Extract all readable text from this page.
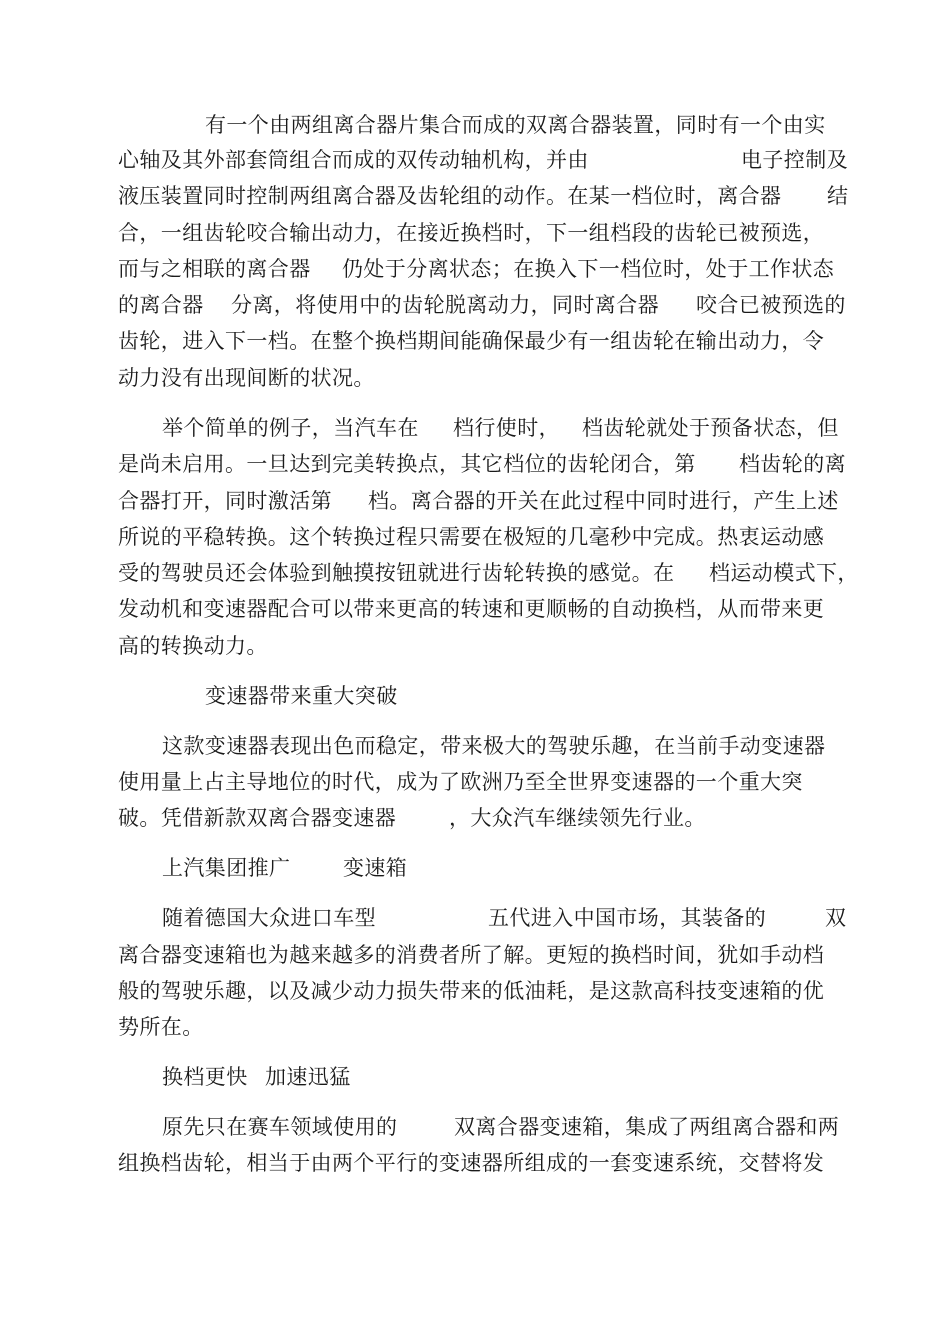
有一个由两组离合器片集合而成的双离合器装置，同时有一个由实
心轴及其外部套筒组合而成的双传动轴机构，并由	电子控制及
液压装置同时控制两组离合器及齿轮组的动作。在某一档位时，离合器 结
合，一组齿轮咬合输出动力，在接近换档时，下一组档段的齿轮已被预选，
而与之相联的离合器 仍处于分离状态；在换入下一档位时，处于工作状态
的离合器 分离，将使用中的齿轮脱离动力，同时离合器 咬合已被预选的
齿轮，进入下一档。在整个换档期间能确保最少有一组齿轮在输出动力，令
动力没有出现间断的状况。
举个简单的例子，当汽车在 档行使时， 档齿轮就处于预备状态，但
是尚未启用。一旦达到完美转换点，其它档位的齿轮闭合，第 档齿轮的离
合器打开，同时激活第 档。离合器的开关在此过程中同时进行，产生上述
所说的平稳转换。这个转换过程只需要在极短的几毫秒中完成。热衷运动感
受的驾驶员还会体验到触摸按钮就进行齿轮转换的感觉。在 档运动模式下，
发动机和变速器配合可以带来更高的转速和更顺畅的自动换档，从而带来更
高的转换动力。
变速器带来重大突破
这款变速器表现出色而稳定，带来极大的驾驶乐趣，在当前手动变速器
使用量上占主导地位的时代，成为了欧洲乃至全世界变速器的一个重大突
破。凭借新款双离合器变速器	，大众汽车继续领先行业。
上汽集团推广	变速箱
随着德国大众进口车型	五代进入中国市场，其装备的	双
离合器变速箱也为越来越多的消费者所了解。更短的换档时间，犹如手动档
般的驾驶乐趣，以及减少动力损失带来的低油耗，是这款高科技变速箱的优
势所在。
换档更快 加速迅猛
原先只在赛车领域使用的	双离合器变速箱，集成了两组离合器和两
组换档齿轮，相当于由两个平行的变速器所组成的一套变速系统，交替将发
